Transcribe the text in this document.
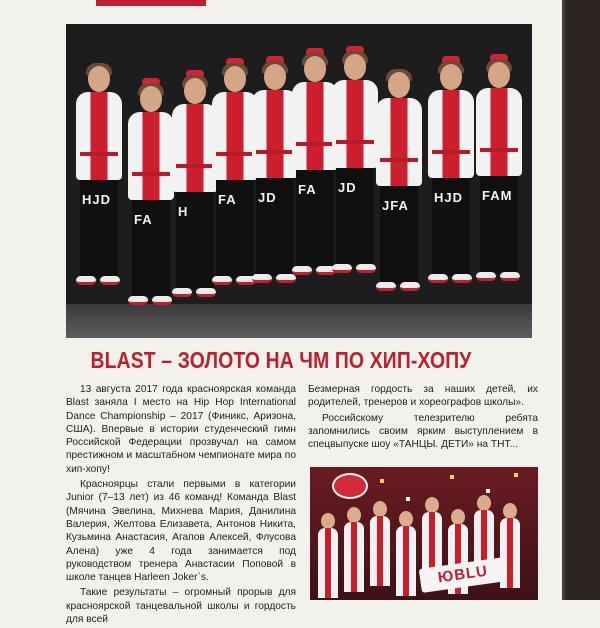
HJD
FA
H
FA JD
FA JD
JFA
HJD FAM
BLAST – ЗОЛОТО НА ЧМ ПО ХИП-ХОПУ

13 августа 2017 года красноярская команда Blast заняла I место на Hip Hop International Dance Championship – 2017 (Финикс, Аризона, США). Впервые в истории студенческий гимн Российской Федерации прозвучал на самом престижном и масштабном чемпионате мира по хип-хопу!

Красноярцы стали первыми в категории Junior (7–13 лет) из 46 команд! Команда Blast (Мячина Эвелина, Михнева Мария, Данилина Валерия, Желтова Елизавета, Антонов Никита, Кузьмина Анастасия, Агапов Алексей, Флусова Алена) уже 4 года занимается под руководством тренера Анастасии Поповой в школе танцев Harleen Joker`s.

Такие результаты – огромный прорыв для красноярской танцевальной школы и гордость для всей

Безмерная гордость за наших детей, их родителей, тренеров и хореографов школы».

Российскому телезрителю ребята запомнились своим ярким выступлением в спецвыпуске шоу «ТАНЦЫ. ДЕТИ» на ТНТ...

ЮBLU
